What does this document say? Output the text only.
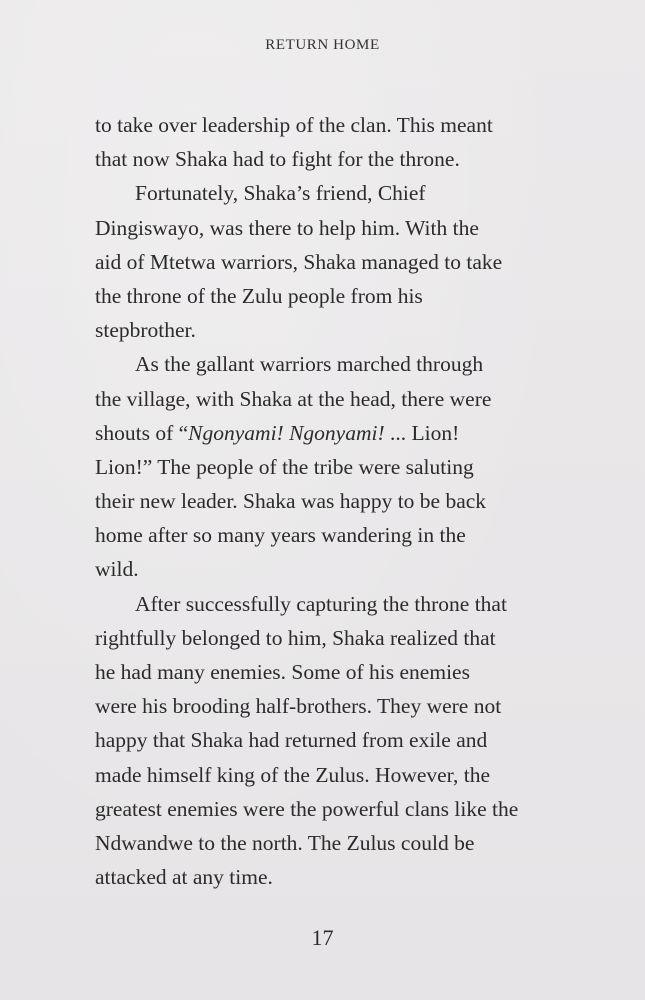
RETURN HOME
to take over leadership of the clan. This meant
that now Shaka had to fight for the throne.
Fortunately, Shaka’s friend, Chief
Dingiswayo, was there to help him. With the
aid of Mtetwa warriors, Shaka managed to take
the throne of the Zulu people from his
stepbrother.
As the gallant warriors marched through
the village, with Shaka at the head, there were
shouts of “Ngonyami! Ngonyami! ... Lion!
Lion!” The people of the tribe were saluting
their new leader. Shaka was happy to be back
home after so many years wandering in the
wild.
After successfully capturing the throne that
rightfully belonged to him, Shaka realized that
he had many enemies. Some of his enemies
were his brooding half-brothers. They were not
happy that Shaka had returned from exile and
made himself king of the Zulus. However, the
greatest enemies were the powerful clans like the
Ndwandwe to the north. The Zulus could be
attacked at any time.
17
